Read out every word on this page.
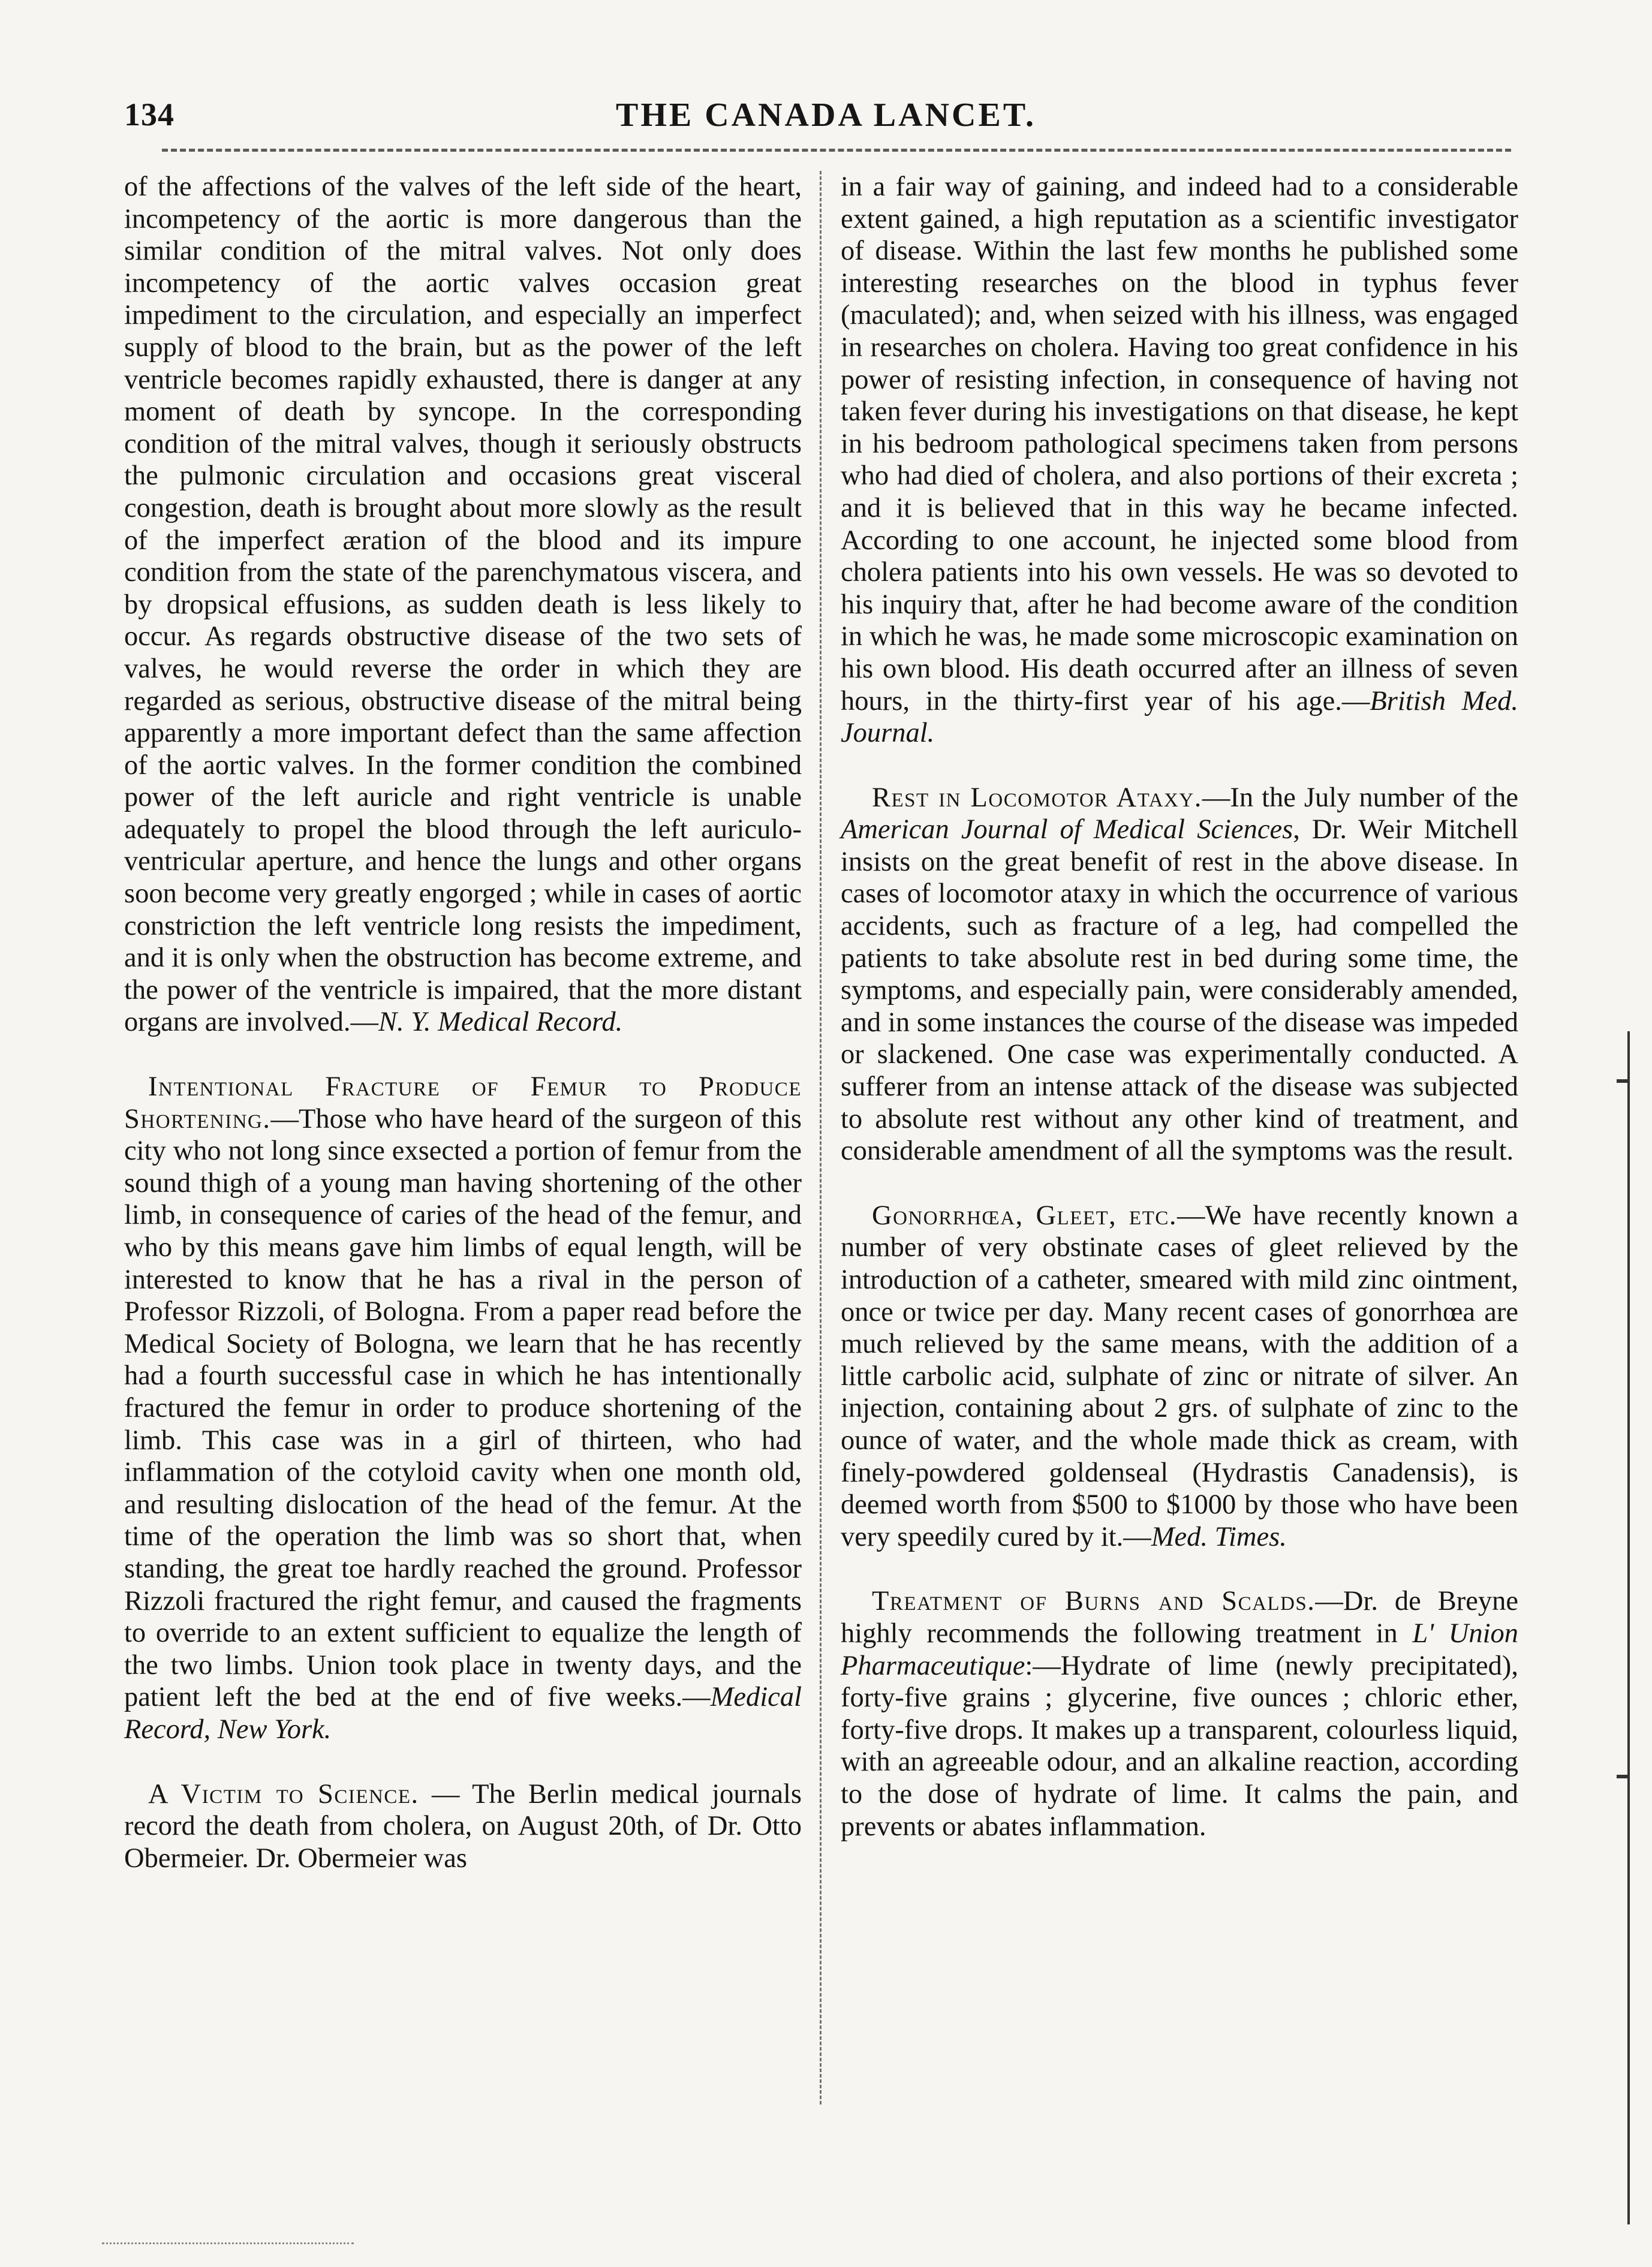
134	THE CANADA LANCET.

of the affections of the valves of the left side of the heart, incompetency of the aortic is more dangerous than the similar condition of the mitral valves. Not only does incompetency of the aortic valves occasion great impediment to the circulation, and especially an imperfect supply of blood to the brain, but as the power of the left ventricle becomes rapidly exhausted, there is danger at any moment of death by syncope. In the corresponding condition of the mitral valves, though it seriously obstructs the pulmonic circulation and occasions great visceral congestion, death is brought about more slowly as the result of the imperfect æration of the blood and its impure condition from the state of the parenchymatous viscera, and by dropsical effusions, as sudden death is less likely to occur. As regards obstructive disease of the two sets of valves, he would reverse the order in which they are regarded as serious, obstructive disease of the mitral being apparently a more important defect than the same affection of the aortic valves. In the former condition the combined power of the left auricle and right ventricle is unable adequately to propel the blood through the left auriculo-ventricular aperture, and hence the lungs and other organs soon become very greatly engorged ; while in cases of aortic constriction the left ventricle long resists the impediment, and it is only when the obstruction has become extreme, and the power of the ventricle is impaired, that the more distant organs are involved.—N. Y. Medical Record.

Intentional Fracture of Femur to Produce Shortening.—Those who have heard of the surgeon of this city who not long since exsected a portion of femur from the sound thigh of a young man having shortening of the other limb, in consequence of caries of the head of the femur, and who by this means gave him limbs of equal length, will be interested to know that he has a rival in the person of Professor Rizzoli, of Bologna. From a paper read before the Medical Society of Bologna, we learn that he has recently had a fourth successful case in which he has intentionally fractured the femur in order to produce shortening of the limb. This case was in a girl of thirteen, who had inflammation of the cotyloid cavity when one month old, and resulting dislocation of the head of the femur. At the time of the operation the limb was so short that, when standing, the great toe hardly reached the ground. Professor Rizzoli fractured the right femur, and caused the fragments to override to an extent sufficient to equalize the length of the two limbs. Union took place in twenty days, and the patient left the bed at the end of five weeks.—Medical Record, New York.

A Victim to Science. — The Berlin medical journals record the death from cholera, on August 20th, of Dr. Otto Obermeier. Dr. Obermeier was

in a fair way of gaining, and indeed had to a considerable extent gained, a high reputation as a scientific investigator of disease. Within the last few months he published some interesting researches on the blood in typhus fever (maculated); and, when seized with his illness, was engaged in researches on cholera. Having too great confidence in his power of resisting infection, in consequence of having not taken fever during his investigations on that disease, he kept in his bedroom pathological specimens taken from persons who had died of cholera, and also portions of their excreta ; and it is believed that in this way he became infected. According to one account, he injected some blood from cholera patients into his own vessels. He was so devoted to his inquiry that, after he had become aware of the condition in which he was, he made some microscopic examination on his own blood. His death occurred after an illness of seven hours, in the thirty-first year of his age.—British Med. Journal.

Rest in Locomotor Ataxy.—In the July number of the American Journal of Medical Sciences, Dr. Weir Mitchell insists on the great benefit of rest in the above disease. In cases of locomotor ataxy in which the occurrence of various accidents, such as fracture of a leg, had compelled the patients to take absolute rest in bed during some time, the symptoms, and especially pain, were considerably amended, and in some instances the course of the disease was impeded or slackened. One case was experimentally conducted. A sufferer from an intense attack of the disease was subjected to absolute rest without any other kind of treatment, and considerable amendment of all the symptoms was the result.

Gonorrhœa, Gleet, etc.—We have recently known a number of very obstinate cases of gleet relieved by the introduction of a catheter, smeared with mild zinc ointment, once or twice per day. Many recent cases of gonorrhœa are much relieved by the same means, with the addition of a little carbolic acid, sulphate of zinc or nitrate of silver. An injection, containing about 2 grs. of sulphate of zinc to the ounce of water, and the whole made thick as cream, with finely-powdered goldenseal (Hydrastis Canadensis), is deemed worth from $500 to $1000 by those who have been very speedily cured by it.—Med. Times.

Treatment of Burns and Scalds.—Dr. de Breyne highly recommends the following treatment in L' Union Pharmaceutique:—Hydrate of lime (newly precipitated), forty-five grains ; glycerine, five ounces ; chloric ether, forty-five drops. It makes up a transparent, colourless liquid, with an agreeable odour, and an alkaline reaction, according to the dose of hydrate of lime. It calms the pain, and prevents or abates inflammation.
